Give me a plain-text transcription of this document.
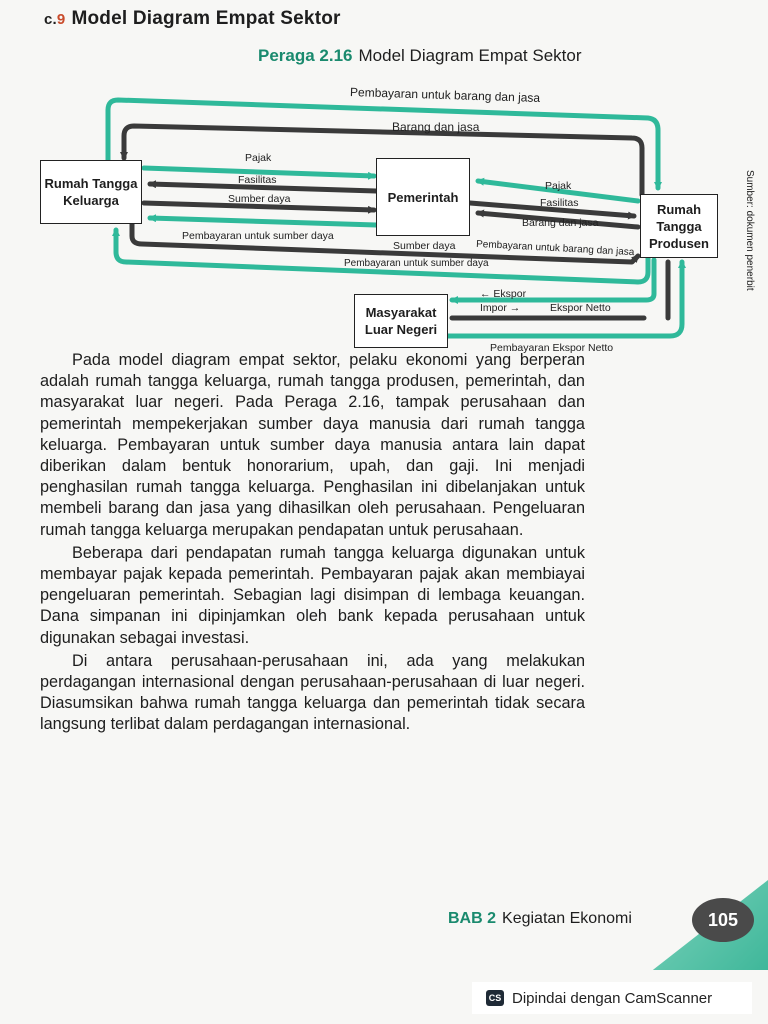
c.9 Model Diagram Empat Sektor
Peraga 2.16 Model Diagram Empat Sektor
Rumah Tangga Keluarga	Pemerintah
Rumah Tangga Produsen
Masyarakat Luar Negeri
Pembayaran untuk barang dan jasa
Barang dan jasa
Pajak
Fasilitas
Sumber daya
Pembayaran untuk sumber daya
Pajak
Fasilitas
Barang dan jasa
Sumber daya Pembayaran untuk barang dan jasa
Pembayaran untuk sumber daya
← Ekspor
Impor →	Ekspor Netto
Pembayaran Ekspor Netto
Sumber: dokumen penerbit

Pada model diagram empat sektor, pelaku ekonomi yang berperan adalah rumah tangga keluarga, rumah tangga produsen, pemerintah, dan masyarakat luar negeri. Pada Peraga 2.16, tampak perusahaan dan pemerintah mempekerjakan sumber daya manusia dari rumah tangga keluarga. Pembayaran untuk sumber daya manusia antara lain dapat diberikan dalam bentuk honorarium, upah, dan gaji. Ini menjadi penghasilan rumah tangga keluarga. Penghasilan ini dibelanjakan untuk membeli barang dan jasa yang dihasilkan oleh perusahaan. Pengeluaran rumah tangga keluarga merupakan pendapatan untuk perusahaan.

Beberapa dari pendapatan rumah tangga keluarga digunakan untuk membayar pajak kepada pemerintah. Pembayaran pajak akan membiayai pengeluaran pemerintah. Sebagian lagi disimpan di lembaga keuangan. Dana simpanan ini dipinjamkan oleh bank kepada perusahaan untuk digunakan sebagai investasi.

Di antara perusahaan-perusahaan ini, ada yang melakukan perdagangan internasional dengan perusahaan-perusahaan di luar negeri. Diasumsikan bahwa rumah tangga keluarga dan pemerintah tidak secara langsung terlibat dalam perdagangan internasional.

BAB 2 Kegiatan Ekonomi	105
CS Dipindai dengan CamScanner
